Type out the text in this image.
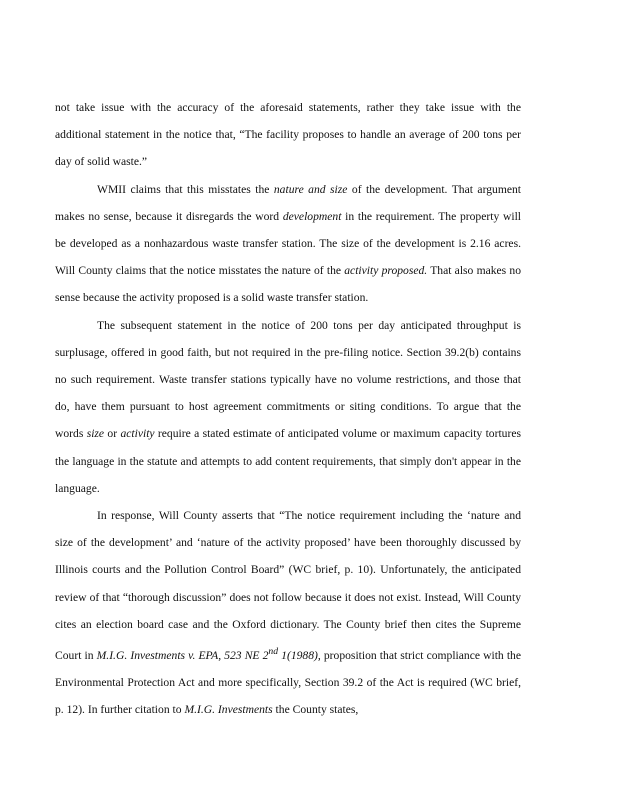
not take issue with the accuracy of the aforesaid statements, rather they take issue with the additional statement in the notice that, “The facility proposes to handle an average of 200 tons per day of solid waste.”

WMII claims that this misstates the nature and size of the development. That argument makes no sense, because it disregards the word development in the requirement. The property will be developed as a nonhazardous waste transfer station. The size of the development is 2.16 acres. Will County claims that the notice misstates the nature of the activity proposed. That also makes no sense because the activity proposed is a solid waste transfer station.

The subsequent statement in the notice of 200 tons per day anticipated throughput is surplusage, offered in good faith, but not required in the pre-filing notice. Section 39.2(b) contains no such requirement. Waste transfer stations typically have no volume restrictions, and those that do, have them pursuant to host agreement commitments or siting conditions. To argue that the words size or activity require a stated estimate of anticipated volume or maximum capacity tortures the language in the statute and attempts to add content requirements, that simply don't appear in the language.

In response, Will County asserts that “The notice requirement including the ‘nature and size of the development’ and ‘nature of the activity proposed’ have been thoroughly discussed by Illinois courts and the Pollution Control Board” (WC brief, p. 10). Unfortunately, the anticipated review of that “thorough discussion” does not follow because it does not exist. Instead, Will County cites an election board case and the Oxford dictionary. The County brief then cites the Supreme Court in M.I.G. Investments v. EPA, 523 NE 2nd 1(1988), proposition that strict compliance with the Environmental Protection Act and more specifically, Section 39.2 of the Act is required (WC brief, p. 12). In further citation to M.I.G. Investments the County states,
